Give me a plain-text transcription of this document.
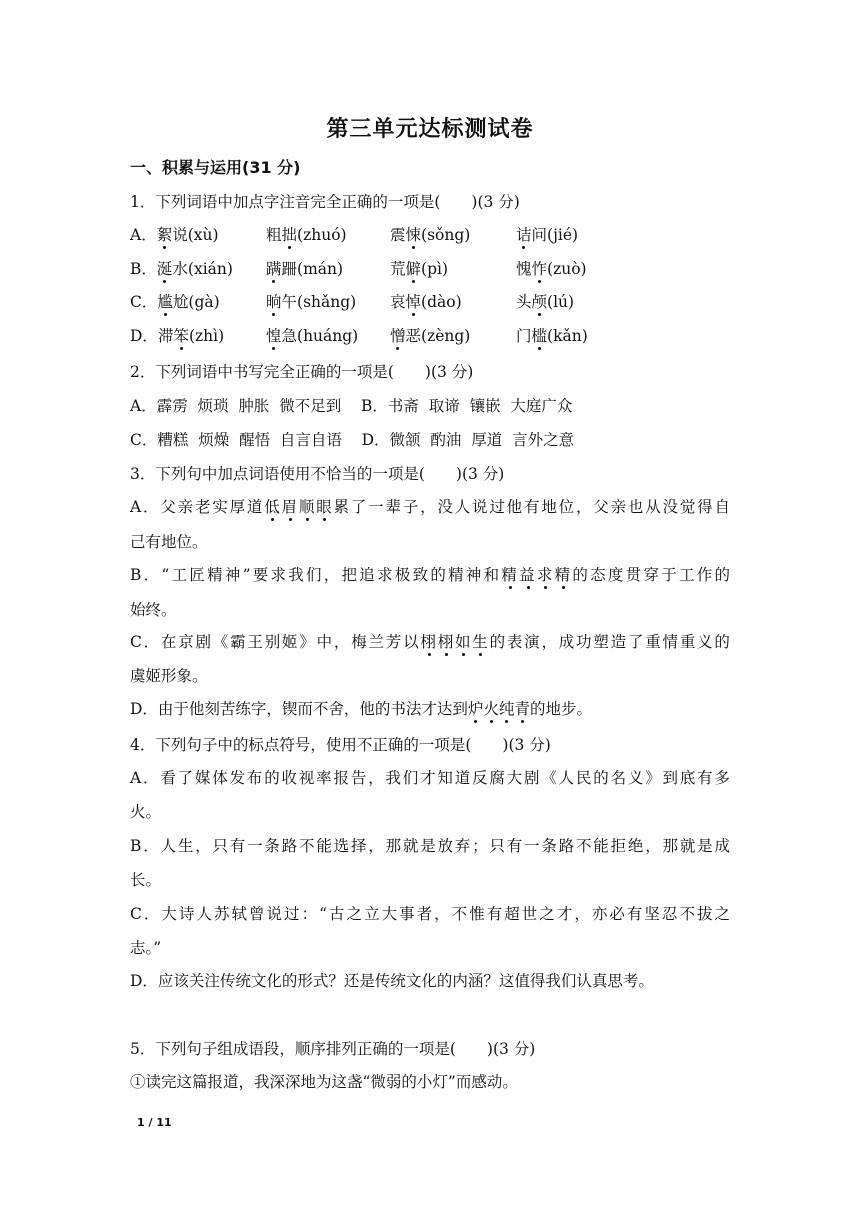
第三单元达标测试卷
一、积累与运用(31 分)
1．下列词语中加点字注音完全正确的一项是(　　)(3 分)
A．絮说(xù)	粗拙(zhuó)	震悚(sǒng)	诘问(jié)
B．涎水(xián) 蹒跚(mán)	荒僻(pì)	愧怍(zuò)
C．尴尬(gà)	晌午(shǎng) 哀悼(dào)	头颅(lú)
D．滞笨(zhì)	惶急(huáng) 憎恶(zèng)	门槛(kǎn)
2．下列词语中书写完全正确的一项是(　　)(3 分)
A．霹雳  烦琐  肿胀  微不足到    B．书斋  取谛  镶嵌  大庭广众
C．糟糕  烦燥  醒悟  自言自语    D．微颔  酌油  厚道  言外之意
3．下列句中加点词语使用不恰当的一项是(　　)(3 分)
A．父亲老实厚道低眉顺眼累了一辈子，没人说过他有地位，父亲也从没觉得自
己有地位。
B．“工匠精神”要求我们，把追求极致的精神和精益求精的态度贯穿于工作的
始终。
C．在京剧《霸王别姬》中，梅兰芳以栩栩如生的表演，成功塑造了重情重义的
虞姬形象。
D．由于他刻苦练字，锲而不舍，他的书法才达到炉火纯青的地步。
4．下列句子中的标点符号，使用不正确的一项是(　　)(3 分)
A．看了媒体发布的收视率报告，我们才知道反腐大剧《人民的名义》到底有多
火。
B．人生，只有一条路不能选择，那就是放弃；只有一条路不能拒绝，那就是成
长。
C．大诗人苏轼曾说过：“古之立大事者，不惟有超世之才，亦必有坚忍不拔之
志。”
D．应该关注传统文化的形式？还是传统文化的内涵？这值得我们认真思考。
5．下列句子组成语段，顺序排列正确的一项是(　　)(3 分)
①读完这篇报道，我深深地为这盏“微弱的小灯”而感动。
1 / 11
